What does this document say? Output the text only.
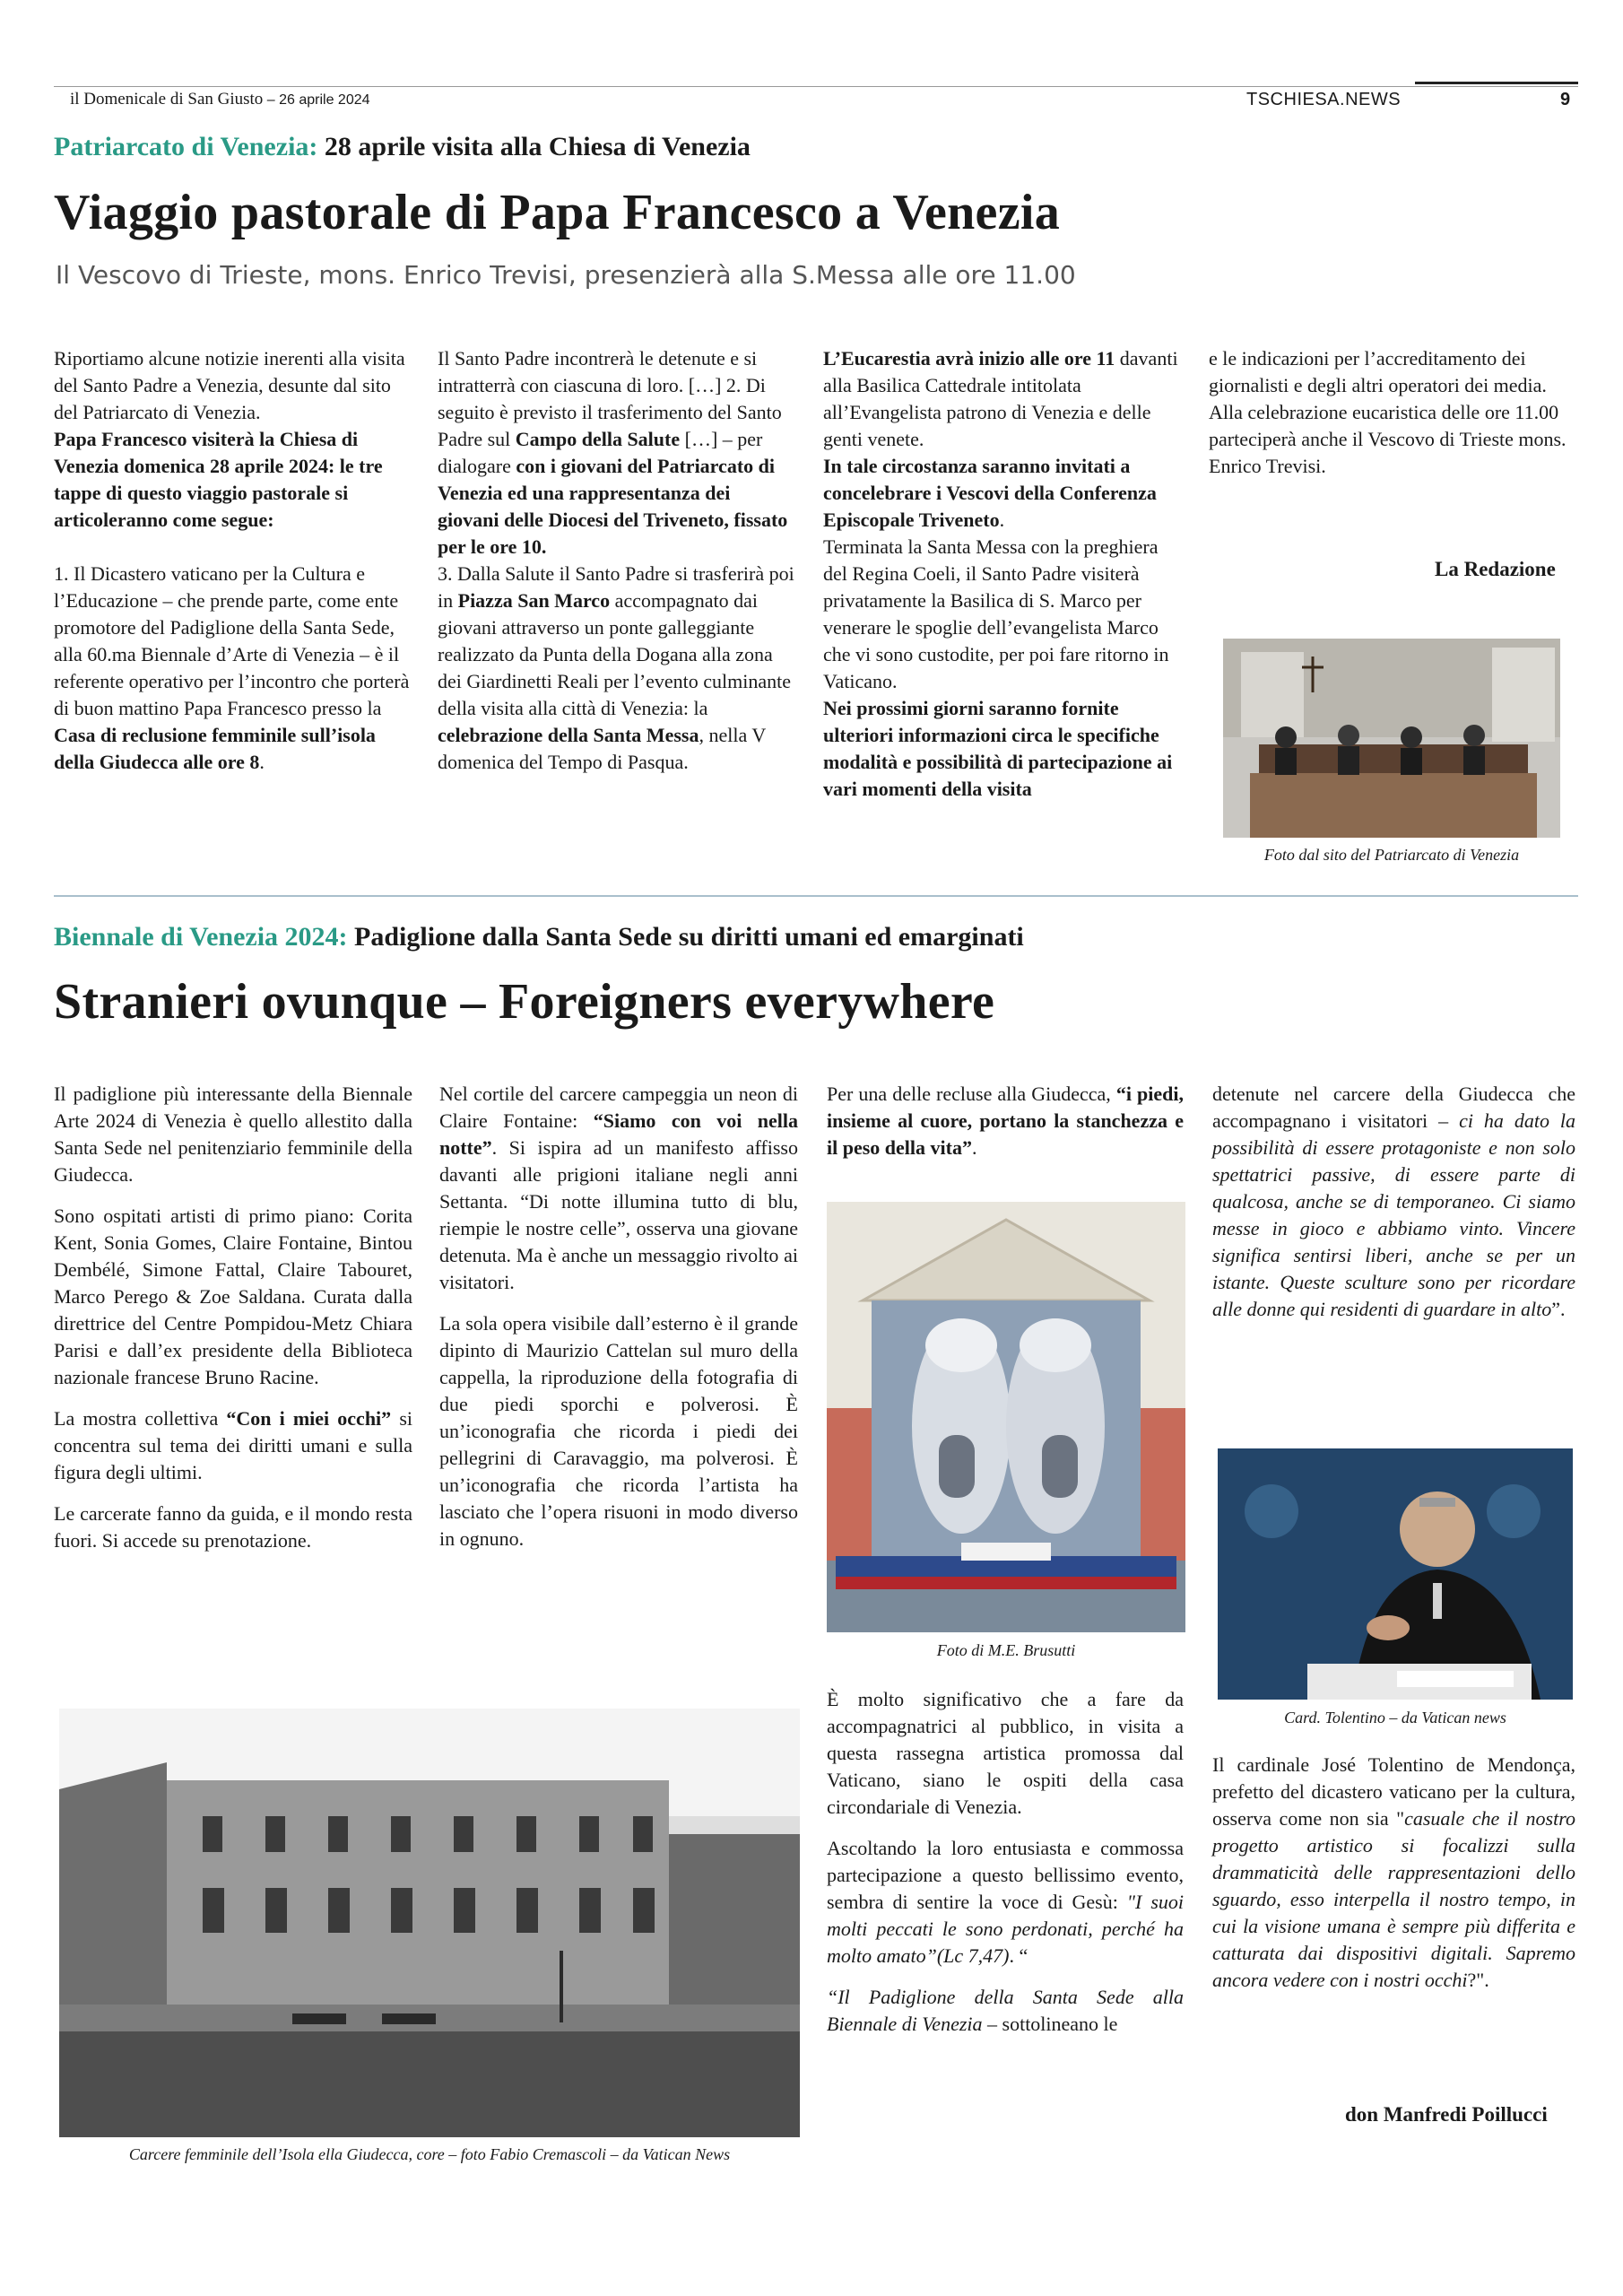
il Domenicale di San Giusto – 26 aprile 2024	TSCHIESA.NEWS	9
Patriarcato di Venezia: 28 aprile visita alla Chiesa di Venezia
Viaggio pastorale di Papa Francesco a Venezia
Il Vescovo di Trieste, mons. Enrico Trevisi, presenzierà alla S.Messa alle ore 11.00

Riportiamo alcune notizie inerenti alla visita del Santo Padre a Venezia, desunte dal sito del Patriarcato di Venezia.

Papa Francesco visiterà la Chiesa di Venezia domenica 28 aprile 2024: le tre tappe di questo viaggio pastorale si articoleranno come segue:

1. Il Dicastero vaticano per la Cultura e l’Educazione – che prende parte, come ente promotore del Padiglione della Santa Sede, alla 60.ma Biennale d’Arte di Venezia – è il referente operativo per l’incontro che porterà di buon mattino Papa Francesco presso la Casa di reclusione femminile sull’isola della Giudecca alle ore 8.

Il Santo Padre incontrerà le detenute e si intratterrà con ciascuna di loro. […] 2. Di seguito è previsto il trasferimento del Santo Padre sul Campo della Salute […] – per dialogare con i giovani del Patriarcato di Venezia ed una rappresentanza dei giovani delle Diocesi del Triveneto, fissato per le ore 10.

3. Dalla Salute il Santo Padre si trasferirà poi in Piazza San Marco accompagnato dai giovani attraverso un ponte galleggiante realizzato da Punta della Dogana alla zona dei Giardinetti Reali per l’evento culminante della visita alla città di Venezia: la celebrazione della Santa Messa, nella V domenica del Tempo di Pasqua.

L’Eucarestia avrà inizio alle ore 11 davanti alla Basilica Cattedrale intitolata all’Evangelista patrono di Venezia e delle genti venete.

In tale circostanza saranno invitati a concelebrare i Vescovi della Conferenza Episcopale Triveneto.

Terminata la Santa Messa con la preghiera del Regina Coeli, il Santo Padre visiterà privatamente la Basilica di S. Marco per venerare le spoglie dell’evangelista Marco che vi sono custodite, per poi fare ritorno in Vaticano.

Nei prossimi giorni saranno fornite ulteriori informazioni circa le specifiche modalità e possibilità di partecipazione ai vari momenti della visita

e le indicazioni per l’accreditamento dei giornalisti e degli altri operatori dei media.

Alla celebrazione eucaristica delle ore 11.00 parteciperà anche il Vescovo di Trieste mons. Enrico Trevisi.

La Redazione
Foto dal sito del Patriarcato di Venezia
Biennale di Venezia 2024: Padiglione dalla Santa Sede su diritti umani ed emarginati
Stranieri ovunque – Foreigners everywhere

Il padiglione più interessante della Biennale Arte 2024 di Venezia è quello allestito dalla Santa Sede nel penitenziario femminile della Giudecca.

Sono ospitati artisti di primo piano: Corita Kent, Sonia Gomes, Claire Fontaine, Bintou Dembélé, Simone Fattal, Claire Tabouret, Marco Perego & Zoe Saldana. Curata dalla direttrice del Centre Pompidou-Metz Chiara Parisi e dall’ex presidente della Biblioteca nazionale francese Bruno Racine.

La mostra collettiva “Con i miei occhi” si concentra sul tema dei diritti umani e sulla figura degli ultimi.

Le carcerate fanno da guida, e il mondo resta fuori. Si accede su prenotazione.

Nel cortile del carcere campeggia un neon di Claire Fontaine: “Siamo con voi nella notte”. Si ispira ad un manifesto affisso davanti alle prigioni italiane negli anni Settanta. “Di notte illumina tutto di blu, riempie le nostre celle”, osserva una giovane detenuta. Ma è anche un messaggio rivolto ai visitatori.

La sola opera visibile dall’esterno è il grande dipinto di Maurizio Cattelan sul muro della cappella, la riproduzione della fotografia di due piedi sporchi e polverosi. È un’iconografia che ricorda i piedi dei pellegrini di Caravaggio, ma polverosi. È un’iconografia che ricorda l’artista ha lasciato che l’opera risuoni in modo diverso in ognuno.

Per una delle recluse alla Giudecca, “i piedi, insieme al cuore, portano la stanchezza e il peso della vita”.

Foto di M.E. Brusutti

È molto significativo che a fare da accompagnatrici al pubblico, in visita a questa rassegna artistica promossa dal Vaticano, siano le ospiti della casa circondariale di Venezia.

Ascoltando la loro entusiasta e commossa partecipazione a questo bellissimo evento, sembra di sentire la voce di Gesù: "I suoi molti peccati le sono perdonati, perché ha molto amato”(Lc 7,47). “

“Il Padiglione della Santa Sede alla Biennale di Venezia – sottolineano le

detenute nel carcere della Giudecca che accompagnano i visitatori – ci ha dato la possibilità di essere protagoniste e non solo spettatrici passive, di essere parte di qualcosa, anche se di temporaneo. Ci siamo messe in gioco e abbiamo vinto. Vincere significa sentirsi liberi, anche se per un istante. Queste sculture sono per ricordare alle donne qui residenti di guardare in alto”.

Card. Tolentino – da Vatican news

Il cardinale José Tolentino de Mendonça, prefetto del dicastero vaticano per la cultura, osserva come non sia "casuale che il nostro progetto artistico si focalizzi sulla drammaticità delle rappresentazioni dello sguardo, esso interpella il nostro tempo, in cui la visione umana è sempre più differita e catturata dai dispositivi digitali. Sapremo ancora vedere con i nostri occhi?".

don Manfredi Poillucci
Carcere femminile dell’Isola ella Giudecca, core – foto Fabio Cremascoli – da Vatican News
